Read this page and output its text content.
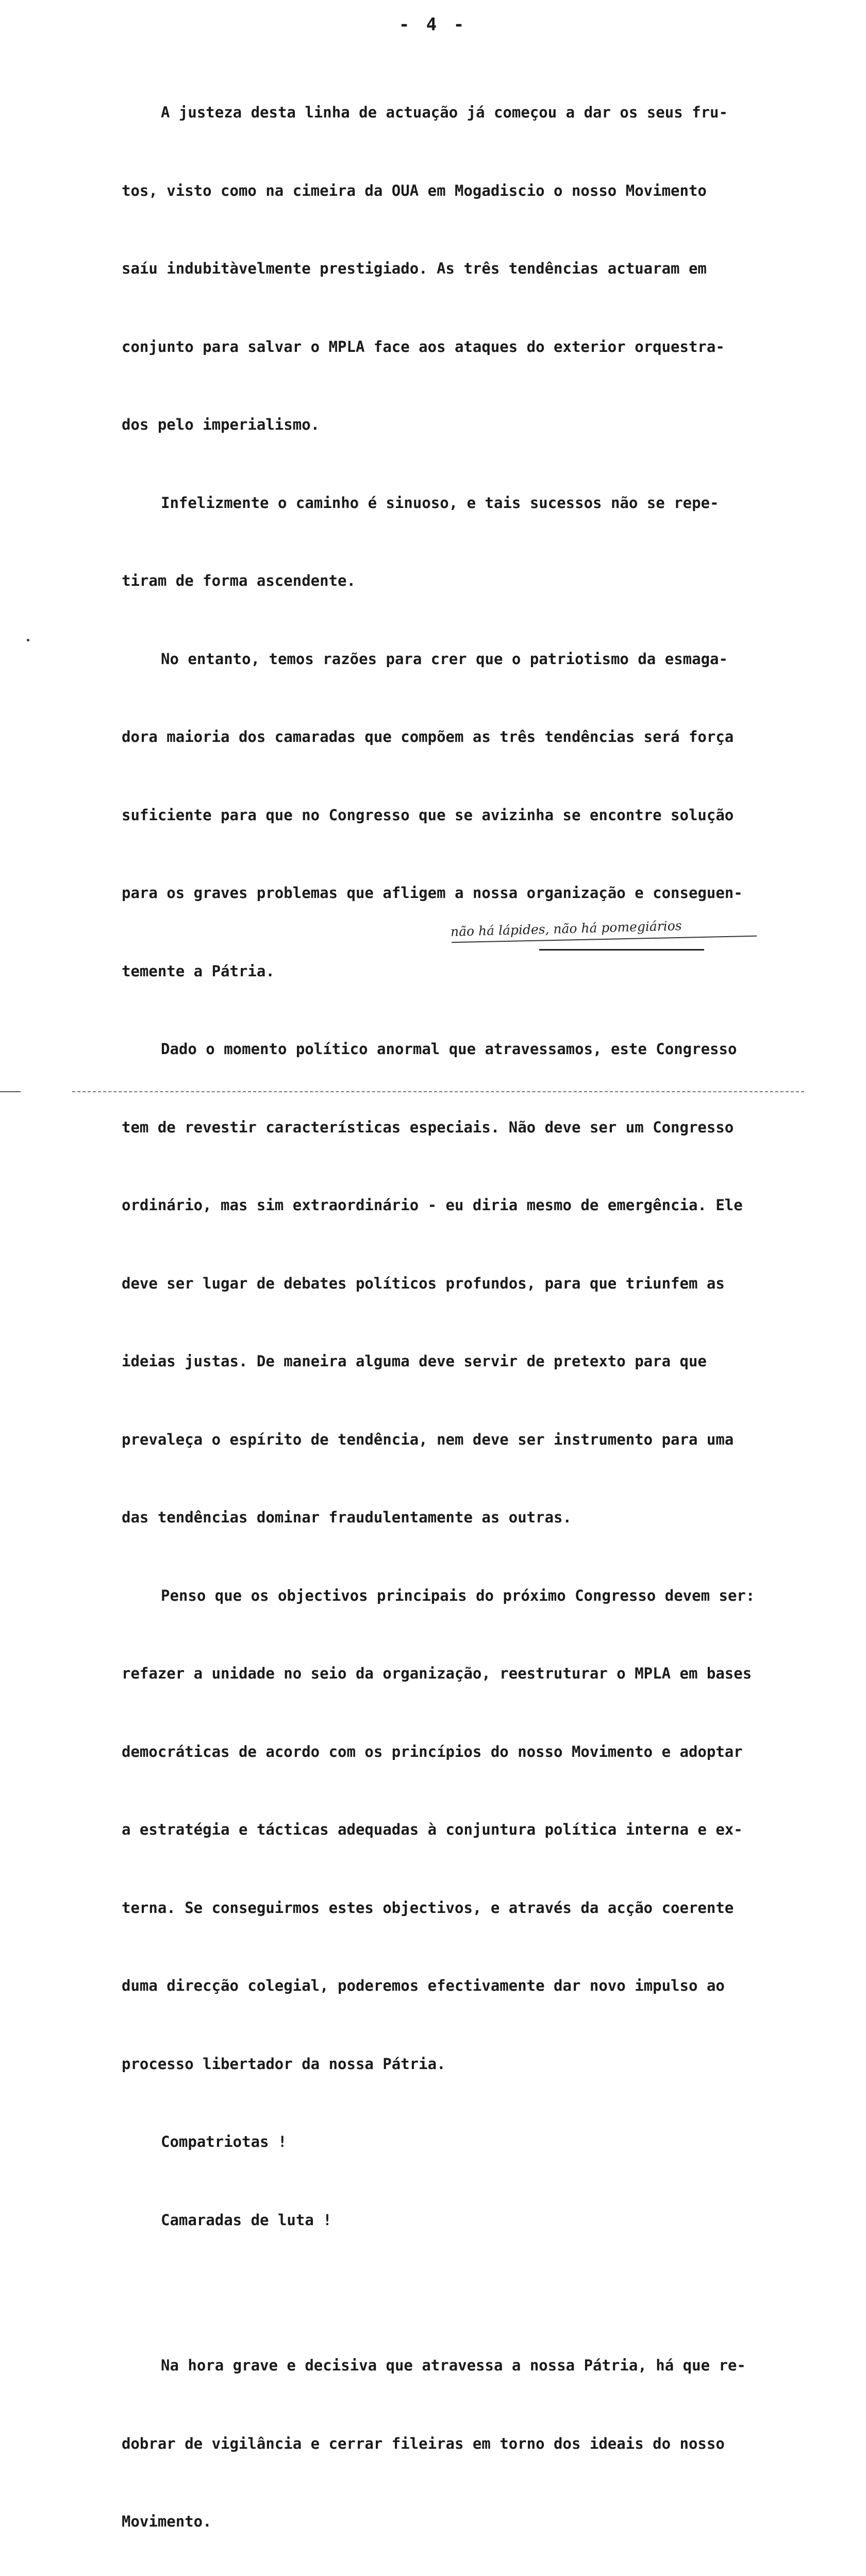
- 4 -

A justeza desta linha de actuação já começou a dar os seus fru-

tos, visto como na cimeira da OUA em Mogadiscio o nosso Movimento

saíu indubitàvelmente prestigiado. As três tendências actuaram em

conjunto para salvar o MPLA face aos ataques do exterior orquestra-

dos pelo imperialismo.

Infelizmente o caminho é sinuoso, e tais sucessos não se repe-

tiram de forma ascendente.

No entanto, temos razões para crer que o patriotismo da esmaga-

dora maioria dos camaradas que compõem as três tendências será força

suficiente para que no Congresso que se avizinha se encontre solução

para os graves problemas que afligem a nossa organização e conseguen-

temente a Pátria.

Dado o momento político anormal que atravessamos, este Congresso

tem de revestir características especiais. Não deve ser um Congresso

ordinário, mas sim extraordinário - eu diria mesmo de emergência. Ele

deve ser lugar de debates políticos profundos, para que triunfem as

ideias justas. De maneira alguma deve servir de pretexto para que

prevaleça o espírito de tendência, nem deve ser instrumento para uma

das tendências dominar fraudulentamente as outras.

Penso que os objectivos principais do próximo Congresso devem ser:

refazer a unidade no seio da organização, reestruturar o MPLA em bases

democráticas de acordo com os princípios do nosso Movimento e adoptar

a estratégia e tácticas adequadas à conjuntura política interna e ex-

terna. Se conseguirmos estes objectivos, e através da acção coerente

duma direcção colegial, poderemos efectivamente dar novo impulso ao

processo libertador da nossa Pátria.

Compatriotas !

Camaradas de luta !

Na hora grave e decisiva que atravessa a nossa Pátria, há que re-

dobrar de vigilância e cerrar fileiras em torno dos ideais do nosso

Movimento.

não há lápides, não há pomegiários
